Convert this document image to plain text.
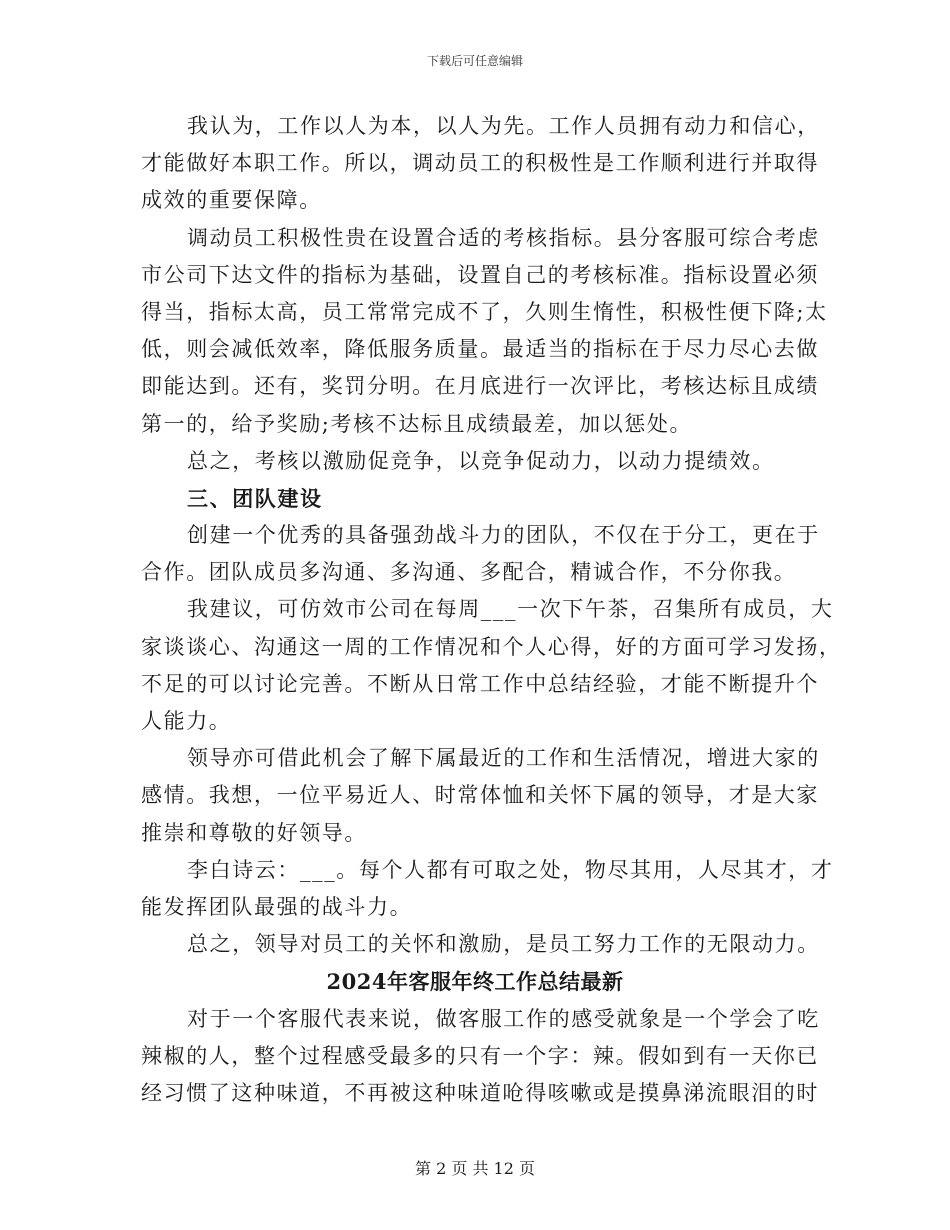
下载后可任意编辑
我认为，工作以人为本，以人为先。工作人员拥有动力和信心，
才能做好本职工作。所以，调动员工的积极性是工作顺利进行并取得
成效的重要保障。
调动员工积极性贵在设置合适的考核指标。县分客服可综合考虑
市公司下达文件的指标为基础，设置自己的考核标准。指标设置必须
得当，指标太高，员工常常完成不了，久则生惰性，积极性便下降;太
低，则会减低效率，降低服务质量。最适当的指标在于尽力尽心去做
即能达到。还有，奖罚分明。在月底进行一次评比，考核达标且成绩
第一的，给予奖励;考核不达标且成绩最差，加以惩处。
总之，考核以激励促竞争，以竞争促动力，以动力提绩效。
三、团队建设
创建一个优秀的具备强劲战斗力的团队，不仅在于分工，更在于
合作。团队成员多沟通、多沟通、多配合，精诚合作，不分你我。
我建议，可仿效市公司在每周___一次下午茶，召集所有成员，大
家谈谈心、沟通这一周的工作情况和个人心得，好的方面可学习发扬，
不足的可以讨论完善。不断从日常工作中总结经验，才能不断提升个
人能力。
领导亦可借此机会了解下属最近的工作和生活情况，增进大家的
感情。我想，一位平易近人、时常体恤和关怀下属的领导，才是大家
推崇和尊敬的好领导。
李白诗云：___。每个人都有可取之处，物尽其用，人尽其才，才
能发挥团队最强的战斗力。
总之，领导对员工的关怀和激励，是员工努力工作的无限动力。
2024年客服年终工作总结最新
对于一个客服代表来说，做客服工作的感受就象是一个学会了吃
辣椒的人，整个过程感受最多的只有一个字：辣。假如到有一天你已
经习惯了这种味道，不再被这种味道呛得咳嗽或是摸鼻涕流眼泪的时
第 2 页 共 12 页
